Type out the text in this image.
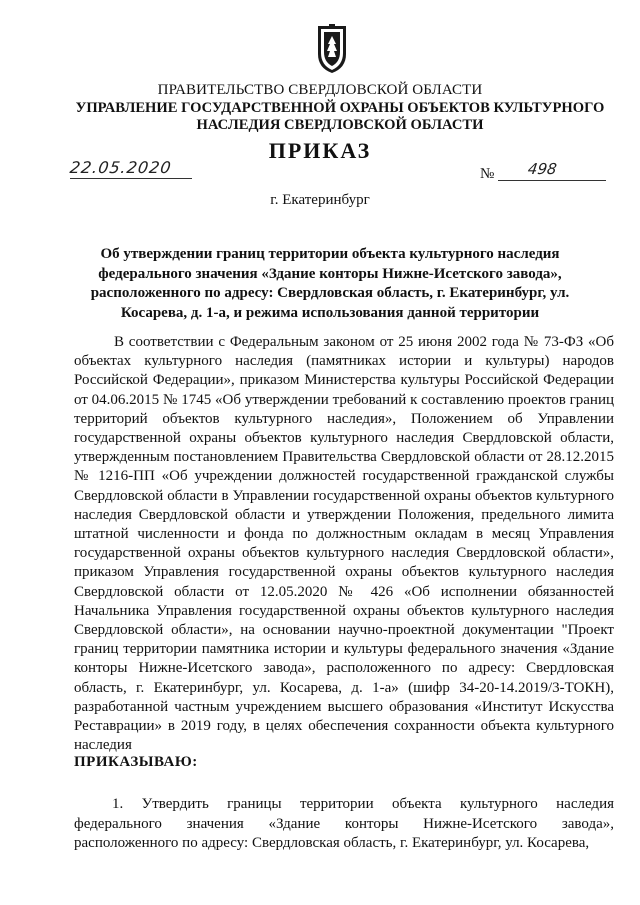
ПРАВИТЕЛЬСТВО СВЕРДЛОВСКОЙ ОБЛАСТИ
УПРАВЛЕНИЕ ГОСУДАРСТВЕННОЙ ОХРАНЫ ОБЪЕКТОВ КУЛЬТУРНОГО НАСЛЕДИЯ СВЕРДЛОВСКОЙ ОБЛАСТИ
ПРИКАЗ
22.05.2020	№ 498
г. Екатеринбург
Об утверждении границ территории объекта культурного наследия федерального значения «Здание конторы Нижне-Исетского завода», расположенного по адресу: Свердловская область, г. Екатеринбург, ул. Косарева, д. 1-а, и режима использования данной территории
В соответствии с Федеральным законом от 25 июня 2002 года № 73-ФЗ «Об объектах культурного наследия (памятниках истории и культуры) народов Российской Федерации», приказом Министерства культуры Российской Федерации от 04.06.2015 № 1745 «Об утверждении требований к составлению проектов границ территорий объектов культурного наследия», Положением об Управлении государственной охраны объектов культурного наследия Свердловской области, утвержденным постановлением Правительства Свердловской области от 28.12.2015 № 1216-ПП «Об учреждении должностей государственной гражданской службы Свердловской области в Управлении государственной охраны объектов культурного наследия Свердловской области и утверждении Положения, предельного лимита штатной численности и фонда по должностным окладам в месяц Управления государственной охраны объектов культурного наследия Свердловской области», приказом Управления государственной охраны объектов культурного наследия Свердловской области от 12.05.2020 № 426 «Об исполнении обязанностей Начальника Управления государственной охраны объектов культурного наследия Свердловской области», на основании научно-проектной документации "Проект границ территории памятника истории и культуры федерального значения «Здание конторы Нижне-Исетского завода», расположенного по адресу: Свердловская область, г. Екатеринбург, ул. Косарева, д. 1-а» (шифр 34-20-14.2019/3-ТОКН), разработанной частным учреждением высшего образования «Институт Искусства Реставрации» в 2019 году, в целях обеспечения сохранности объекта культурного наследия
ПРИКАЗЫВАЮ:
1. Утвердить границы территории объекта культурного наследия федерального значения «Здание конторы Нижне-Исетского завода», расположенного по адресу: Свердловская область, г. Екатеринбург, ул. Косарева,
